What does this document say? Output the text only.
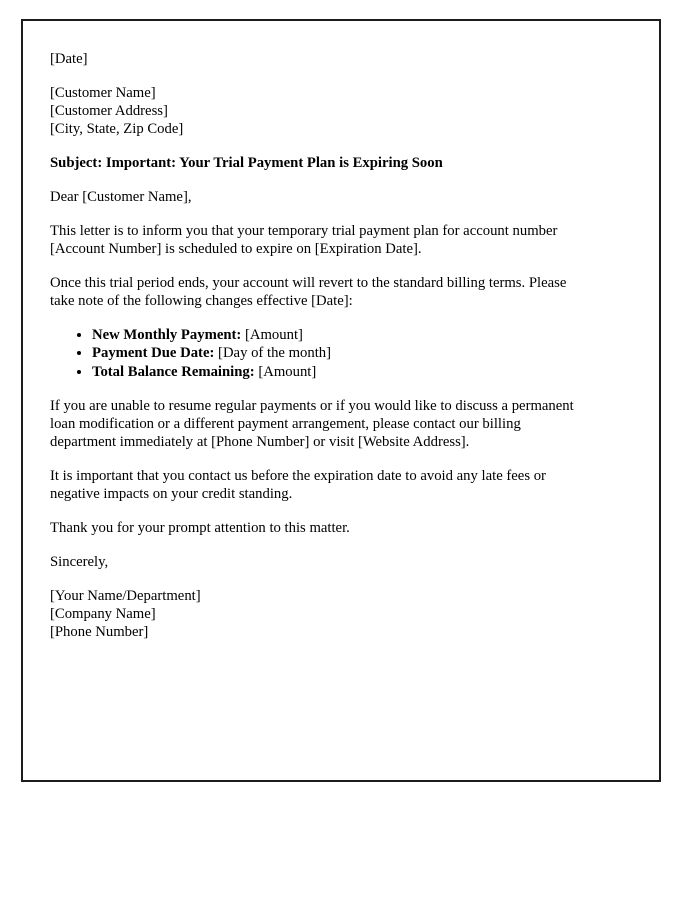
[Date]

[Customer Name]
[Customer Address]
[City, State, Zip Code]

Subject: Important: Your Trial Payment Plan is Expiring Soon

Dear [Customer Name],

This letter is to inform you that your temporary trial payment plan for account number
[Account Number] is scheduled to expire on [Expiration Date].
Once this trial period ends, your account will revert to the standard billing terms. Please
take note of the following changes effective [Date]:
• New Monthly Payment: [Amount]
• Payment Due Date: [Day of the month]
• Total Balance Remaining: [Amount]
If you are unable to resume regular payments or if you would like to discuss a permanent
loan modification or a different payment arrangement, please contact our billing
department immediately at [Phone Number] or visit [Website Address].
It is important that you contact us before the expiration date to avoid any late fees or
negative impacts on your credit standing.

Thank you for your prompt attention to this matter.

Sincerely,

[Your Name/Department]
[Company Name]
[Phone Number]
